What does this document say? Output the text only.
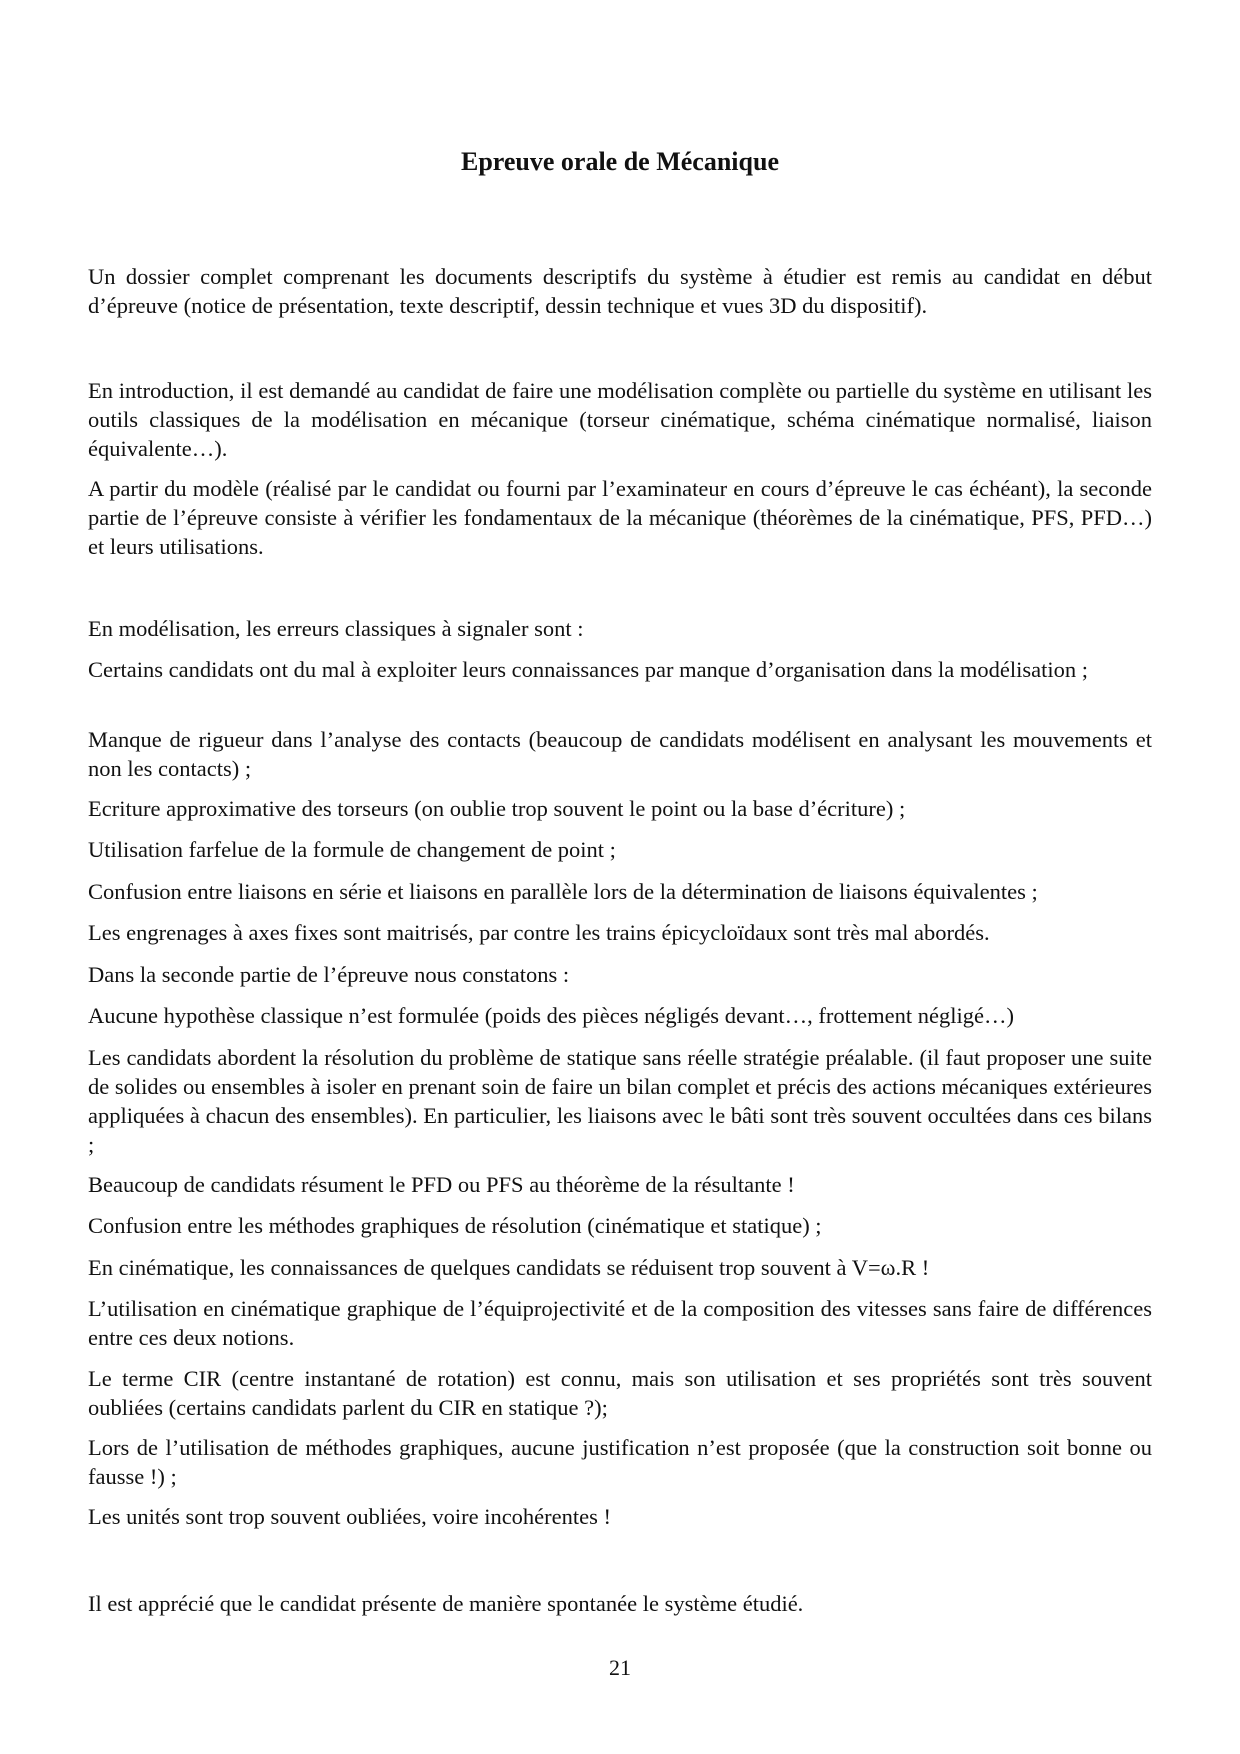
Epreuve orale de Mécanique

Un dossier complet comprenant les documents descriptifs du système à étudier est remis au candidat en début d’épreuve (notice de présentation, texte descriptif, dessin technique et vues 3D du dispositif).

En introduction, il est demandé au candidat de faire une modélisation complète ou partielle du système en utilisant les outils classiques de la modélisation en mécanique (torseur cinématique, schéma cinématique normalisé, liaison équivalente…).

A partir du modèle (réalisé par le candidat ou fourni par l’examinateur en cours d’épreuve le cas échéant), la seconde partie de l’épreuve consiste à vérifier les fondamentaux de la mécanique (théorèmes de la cinématique, PFS, PFD…) et leurs utilisations.

En modélisation, les erreurs classiques à signaler sont :

Certains candidats ont du mal à exploiter leurs connaissances par manque d’organisation dans la modélisation ;

Manque de rigueur dans l’analyse des contacts (beaucoup de candidats modélisent en analysant les mouvements et non les contacts) ;

Ecriture approximative des torseurs (on oublie trop souvent le point ou la base d’écriture) ;

Utilisation farfelue de la formule de changement de point ;

Confusion entre liaisons en série et liaisons en parallèle lors de la détermination de liaisons équivalentes ;

Les engrenages à axes fixes sont maitrisés, par contre les trains épicycloïdaux sont très mal abordés.

Dans la seconde partie de l’épreuve nous constatons :

Aucune hypothèse classique n’est formulée (poids des pièces négligés devant…, frottement négligé…)

Les candidats abordent la résolution du problème de statique sans réelle stratégie préalable. (il faut proposer une suite de solides ou ensembles à isoler en prenant soin de faire un bilan complet et précis des actions mécaniques extérieures appliquées à chacun des ensembles). En particulier, les liaisons avec le bâti sont très souvent occultées dans ces bilans ;

Beaucoup de candidats résument le PFD ou PFS au théorème de la résultante !

Confusion entre les méthodes graphiques de résolution (cinématique et statique) ;

En cinématique, les connaissances de quelques candidats se réduisent trop souvent à V=ω.R !

L’utilisation en cinématique graphique de l’équiprojectivité et de la composition des vitesses sans faire de différences entre ces deux notions.

Le terme CIR (centre instantané de rotation) est connu, mais son utilisation et ses propriétés sont très souvent oubliées (certains candidats parlent du CIR en statique ?);

Lors de l’utilisation de méthodes graphiques, aucune justification n’est proposée (que la construction soit bonne ou fausse !) ;

Les unités sont trop souvent oubliées, voire incohérentes !

Il est apprécié que le candidat présente de manière spontanée le système étudié.

21
